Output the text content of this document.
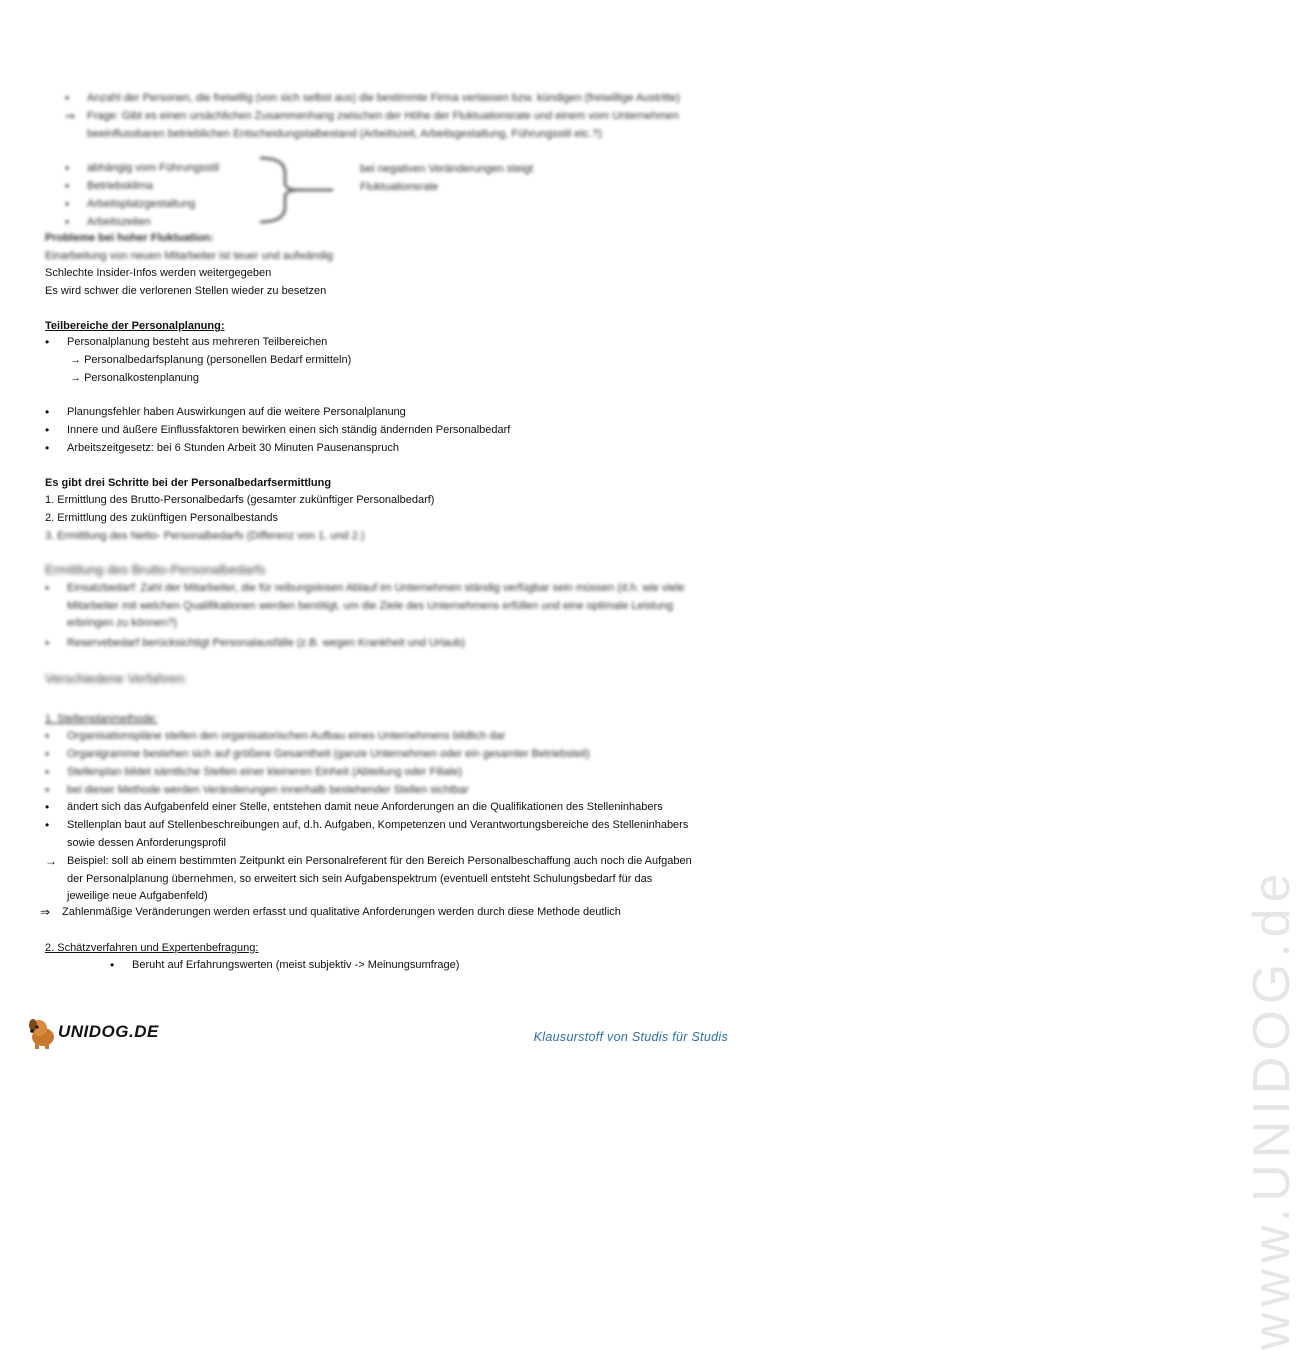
•	Anzahl der Personen, die freiwillig (von sich selbst aus) die bestimmte Firma verlassen bzw. kündigen (freiwillige Austritte)
⇒	Frage: Gibt es einen ursächlichen Zusammenhang zwischen der Höhe der Fluktuationsrate und einem vom Unternehmen
beeinflussbaren betrieblichen Entscheidungstatbestand (Arbeitszeit, Arbeitsgestaltung, Führungsstil etc.?)
•	abhängig vom Führungsstil
•	Betriebsklima
•	Arbeitsplatzgestaltung
•	Arbeitszeiten
bei negativen Veränderungen steigt
Fluktuationsrate
Probleme bei hoher Fluktuation:
Einarbeitung von neuen Mitarbeiter ist teuer und aufwändig
Schlechte Insider-Infos werden weitergegeben
Es wird schwer die verlorenen Stellen wieder zu besetzen
Teilbereiche der Personalplanung:
•	Personalplanung besteht aus mehreren Teilbereichen
→ Personalbedarfsplanung (personellen Bedarf ermitteln)
→ Personalkostenplanung
•	Planungsfehler haben Auswirkungen auf die weitere Personalplanung
•	Innere und äußere Einflussfaktoren bewirken einen sich ständig ändernden Personalbedarf
•	Arbeitszeitgesetz: bei 6 Stunden Arbeit 30 Minuten Pausenanspruch
Es gibt drei Schritte bei der Personalbedarfsermittlung
1. Ermittlung des Brutto-Personalbedarfs (gesamter zukünftiger Personalbedarf)
2. Ermittlung des zukünftigen Personalbestands
3. Ermittlung des Netto- Personalbedarfs (Differenz von 1. und 2.)
Ermittlung des Brutto-Personalbedarfs
•	Einsatzbedarf: Zahl der Mitarbeiter, die für reibungslosen Ablauf im Unternehmen ständig verfügbar sein müssen (d.h. wie viele
Mitarbeiter mit welchen Qualifikationen werden benötigt, um die Ziele des Unternehmens erfüllen und eine optimale Leistung
erbringen zu können?)
•	Reservebedarf berücksichtigt Personalausfälle (z.B. wegen Krankheit und Urlaub)
Verschiedene Verfahren:
1. Stellenplanmethode:
•	Organisationspläne stellen den organisatorischen Aufbau eines Unternehmens bildlich dar
•	Organigramme bestehen sich auf größere Gesamtheit (ganze Unternehmen oder ein gesamter Betriebsteil)
•	Stellenplan bildet sämtliche Stellen einer kleineren Einheit (Abteilung oder Filiale)
•	bei dieser Methode werden Veränderungen innerhalb bestehender Stellen sichtbar
•	ändert sich das Aufgabenfeld einer Stelle, entstehen damit neue Anforderungen an die Qualifikationen des Stelleninhabers
•	Stellenplan baut auf Stellenbeschreibungen auf, d.h. Aufgaben, Kompetenzen und Verantwortungsbereiche des Stelleninhabers
sowie dessen Anforderungsprofil
→ Beispiel: soll ab einem bestimmten Zeitpunkt ein Personalreferent für den Bereich Personalbeschaffung auch noch die Aufgaben
der Personalplanung übernehmen, so erweitert sich sein Aufgabenspektrum (eventuell entsteht Schulungsbedarf für das
jeweilige neue Aufgabenfeld)
⇒	Zahlenmäßige Veränderungen werden erfasst und qualitative Anforderungen werden durch diese Methode deutlich
2. Schätzverfahren und Expertenbefragung:
•	Beruht auf Erfahrungswerten (meist subjektiv -> Meinungsumfrage)	www.UNIDOG.de
UNIDOG.DE	Klausurstoff von Studis für Studis
